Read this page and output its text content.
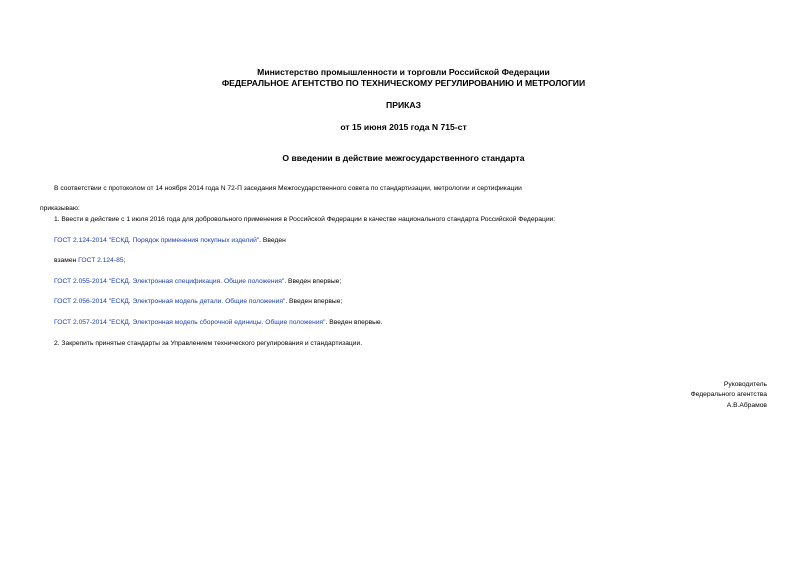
Министерство промышленности и торговли Российской Федерации
ФЕДЕРАЛЬНОЕ АГЕНТСТВО ПО ТЕХНИЧЕСКОМУ РЕГУЛИРОВАНИЮ И МЕТРОЛОГИИ
ПРИКАЗ
от 15 июня 2015 года N 715-ст
О введении в действие межгосударственного стандарта
В соответствии с протоколом от 14 ноября 2014 года N 72-П заседания Межгосударственного совета по стандартизации, метрологии и сертификации
приказываю:
1. Ввести в действие с 1 июля 2016 года для добровольного применения в Российской Федерации в качестве национального стандарта Российской Федерации:
ГОСТ 2.124-2014 "ЕСКД. Порядок применения покупных изделий". Введен
взамен ГОСТ 2.124-85;
ГОСТ 2.055-2014 "ЕСКД. Электронная спецификация. Общие положения". Введен впервые;
ГОСТ 2.056-2014 "ЕСКД. Электронная модель детали. Общие положения". Введен впервые;
ГОСТ 2.057-2014 "ЕСКД. Электронная модель сборочной единицы. Общие положения". Введен впервые.
2. Закрепить принятые стандарты за Управлением технического регулирования и стандартизации.
Руководитель
Федерального агентства
А.В.Абрамов
